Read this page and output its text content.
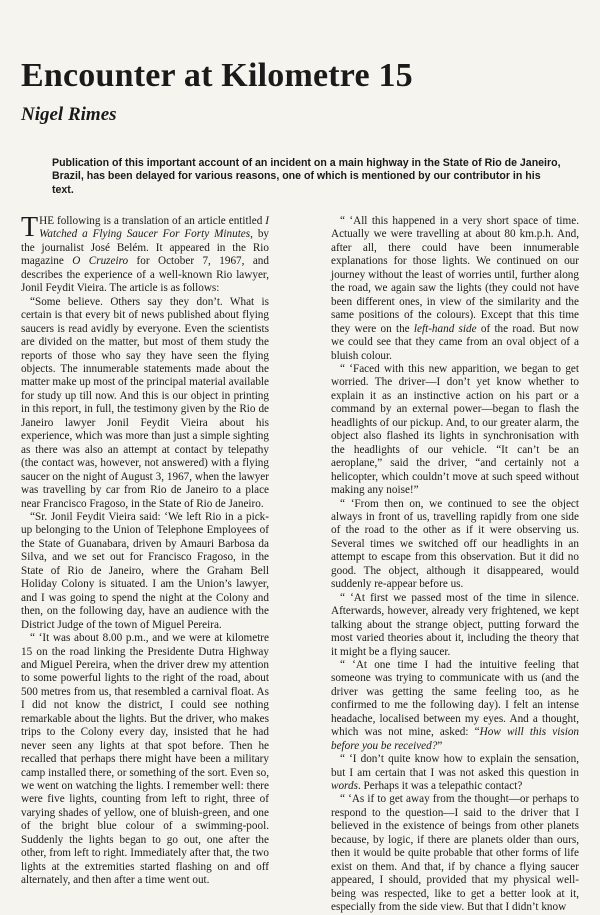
Encounter at Kilometre 15
Nigel Rimes

Publication of this important account of an incident on a main highway in the State of Rio de Janeiro, Brazil, has been delayed for various reasons, one of which is mentioned by our contributor in his text.

THE following is a translation of an article entitled I Watched a Flying Saucer For Forty Minutes, by the journalist José Belém. It appeared in the Rio magazine O Cruzeiro for October 7, 1967, and describes the experience of a well-known Rio lawyer, Jonil Feydit Vieira. The article is as follows:

“Some believe. Others say they don’t. What is certain is that every bit of news published about flying saucers is read avidly by everyone. Even the scientists are divided on the matter, but most of them study the reports of those who say they have seen the flying objects. The innumerable statements made about the matter make up most of the principal material available for study up till now. And this is our object in printing in this report, in full, the testimony given by the Rio de Janeiro lawyer Jonil Feydit Vieira about his experience, which was more than just a simple sighting as there was also an attempt at contact by telepathy (the contact was, however, not answered) with a flying saucer on the night of August 3, 1967, when the lawyer was travelling by car from Rio de Janeiro to a place near Francisco Fragoso, in the State of Rio de Janeiro.

“Sr. Jonil Feydit Vieira said: ‘We left Rio in a pick-up belonging to the Union of Telephone Employees of the State of Guanabara, driven by Amauri Barbosa da Silva, and we set out for Francisco Fragoso, in the State of Rio de Janeiro, where the Graham Bell Holiday Colony is situated. I am the Union’s lawyer, and I was going to spend the night at the Colony and then, on the following day, have an audience with the District Judge of the town of Miguel Pereira.

“ ‘It was about 8.00 p.m., and we were at kilometre 15 on the road linking the Presidente Dutra Highway and Miguel Pereira, when the driver drew my attention to some powerful lights to the right of the road, about 500 metres from us, that resembled a carnival float. As I did not know the district, I could see nothing remarkable about the lights. But the driver, who makes trips to the Colony every day, insisted that he had never seen any lights at that spot before. Then he recalled that perhaps there might have been a military camp installed there, or something of the sort. Even so, we went on watching the lights. I remember well: there were five lights, counting from left to right, three of varying shades of yellow, one of bluish-green, and one of the bright blue colour of a swimming-pool. Suddenly the lights began to go out, one after the other, from left to right. Immediately after that, the two lights at the extremities started flashing on and off alternately, and then after a time went out.

“ ‘All this happened in a very short space of time. Actually we were travelling at about 80 km.p.h. And, after all, there could have been innumerable explanations for those lights. We continued on our journey without the least of worries until, further along the road, we again saw the lights (they could not have been different ones, in view of the similarity and the same positions of the colours). Except that this time they were on the left-hand side of the road. But now we could see that they came from an oval object of a bluish colour.

“ ‘Faced with this new apparition, we began to get worried. The driver—I don’t yet know whether to explain it as an instinctive action on his part or a command by an external power—began to flash the headlights of our pickup. And, to our greater alarm, the object also flashed its lights in synchronisation with the headlights of our vehicle. “It can’t be an aeroplane,” said the driver, “and certainly not a helicopter, which couldn’t move at such speed without making any noise!”

“ ‘From then on, we continued to see the object always in front of us, travelling rapidly from one side of the road to the other as if it were observing us. Several times we switched off our headlights in an attempt to escape from this observation. But it did no good. The object, although it disappeared, would suddenly re-appear before us.

“ ‘At first we passed most of the time in silence. Afterwards, however, already very frightened, we kept talking about the strange object, putting forward the most varied theories about it, including the theory that it might be a flying saucer.

“ ‘At one time I had the intuitive feeling that someone was trying to communicate with us (and the driver was getting the same feeling too, as he confirmed to me the following day). I felt an intense headache, localised between my eyes. And a thought, which was not mine, asked: “How will this vision before you be received?”

“ ‘I don’t quite know how to explain the sensation, but I am certain that I was not asked this question in words. Perhaps it was a telepathic contact?

“ ‘As if to get away from the thought—or perhaps to respond to the question—I said to the driver that I believed in the existence of beings from other planets because, by logic, if there are planets older than ours, then it would be quite probable that other forms of life exist on them. And that, if by chance a flying saucer appeared, I should, provided that my physical well-being was respected, like to get a better look at it, especially from the side view. But that I didn’t know
